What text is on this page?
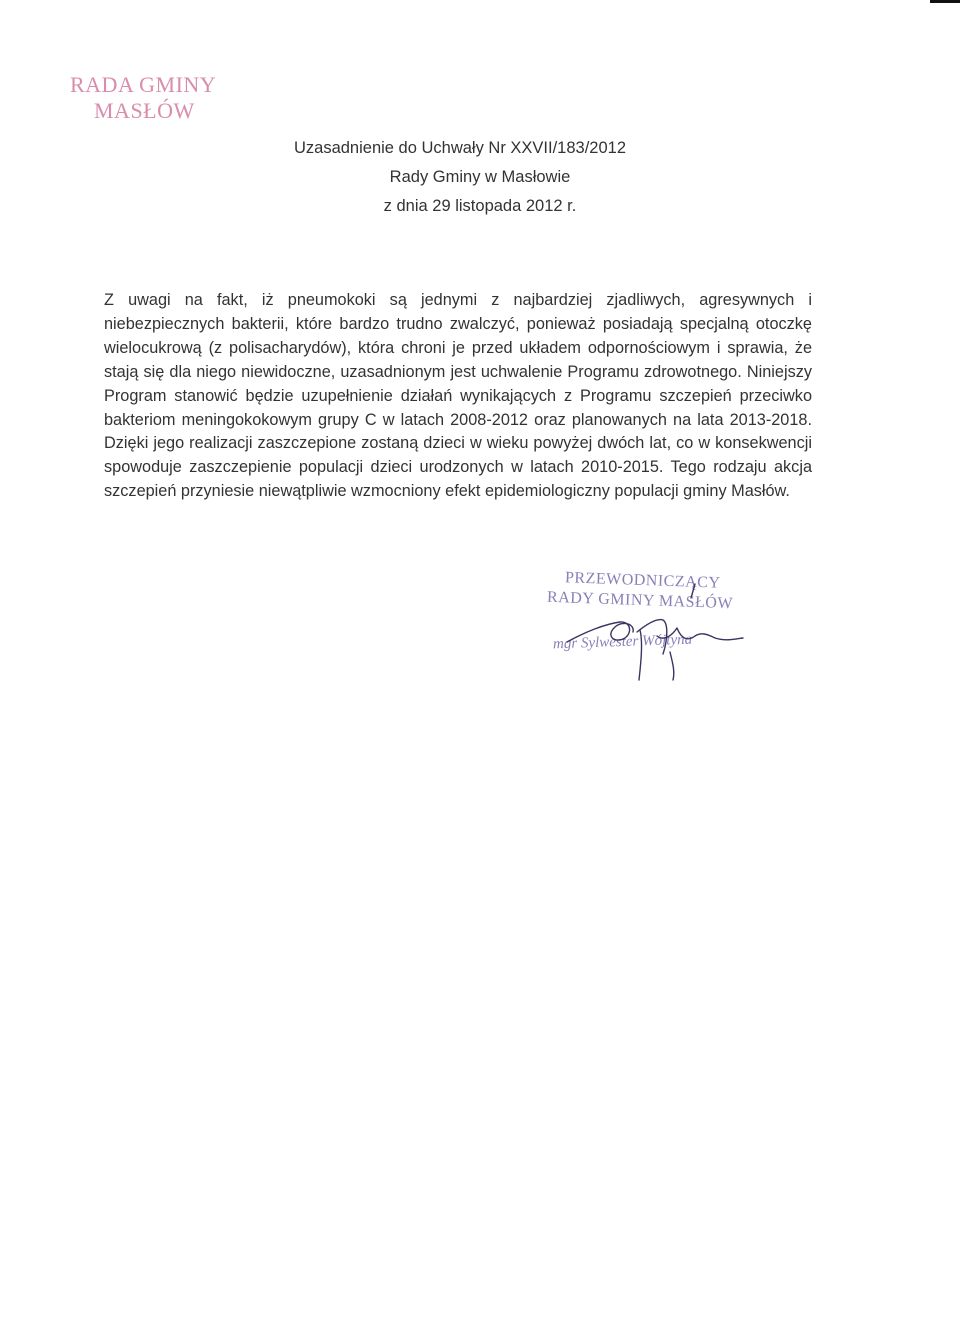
RADA GMINY
MASŁÓW
Uzasadnienie do Uchwały Nr XXVII/183/2012
Rady Gminy w Masłowie
z dnia 29 listopada 2012 r.
Z uwagi na fakt, iż pneumokoki są jednymi z najbardziej zjadliwych, agresywnych i niebezpiecznych bakterii, które bardzo trudno zwalczyć, ponieważ posiadają specjalną otoczkę wielocukrową (z polisacharydów), która chroni je przed układem odpornościowym i sprawia, że stają się dla niego niewidoczne, uzasadnionym jest uchwalenie Programu zdrowotnego. Niniejszy Program stanowić będzie uzupełnienie działań wynikających z Programu szczepień przeciwko bakteriom meningokokowym grupy C w latach 2008-2012 oraz planowanych na lata 2013-2018. Dzięki jego realizacji zaszczepione zostaną dzieci w wieku powyżej dwóch lat, co w konsekwencji spowoduje zaszczepienie populacji dzieci urodzonych w latach 2010-2015. Tego rodzaju akcja szczepień przyniesie niewątpliwie wzmocniony efekt epidemiologiczny populacji gminy Masłów.
PRZEWODNICZĄCY
RADY GMINY MASŁÓW
mgr Sylwester Wójtyna
